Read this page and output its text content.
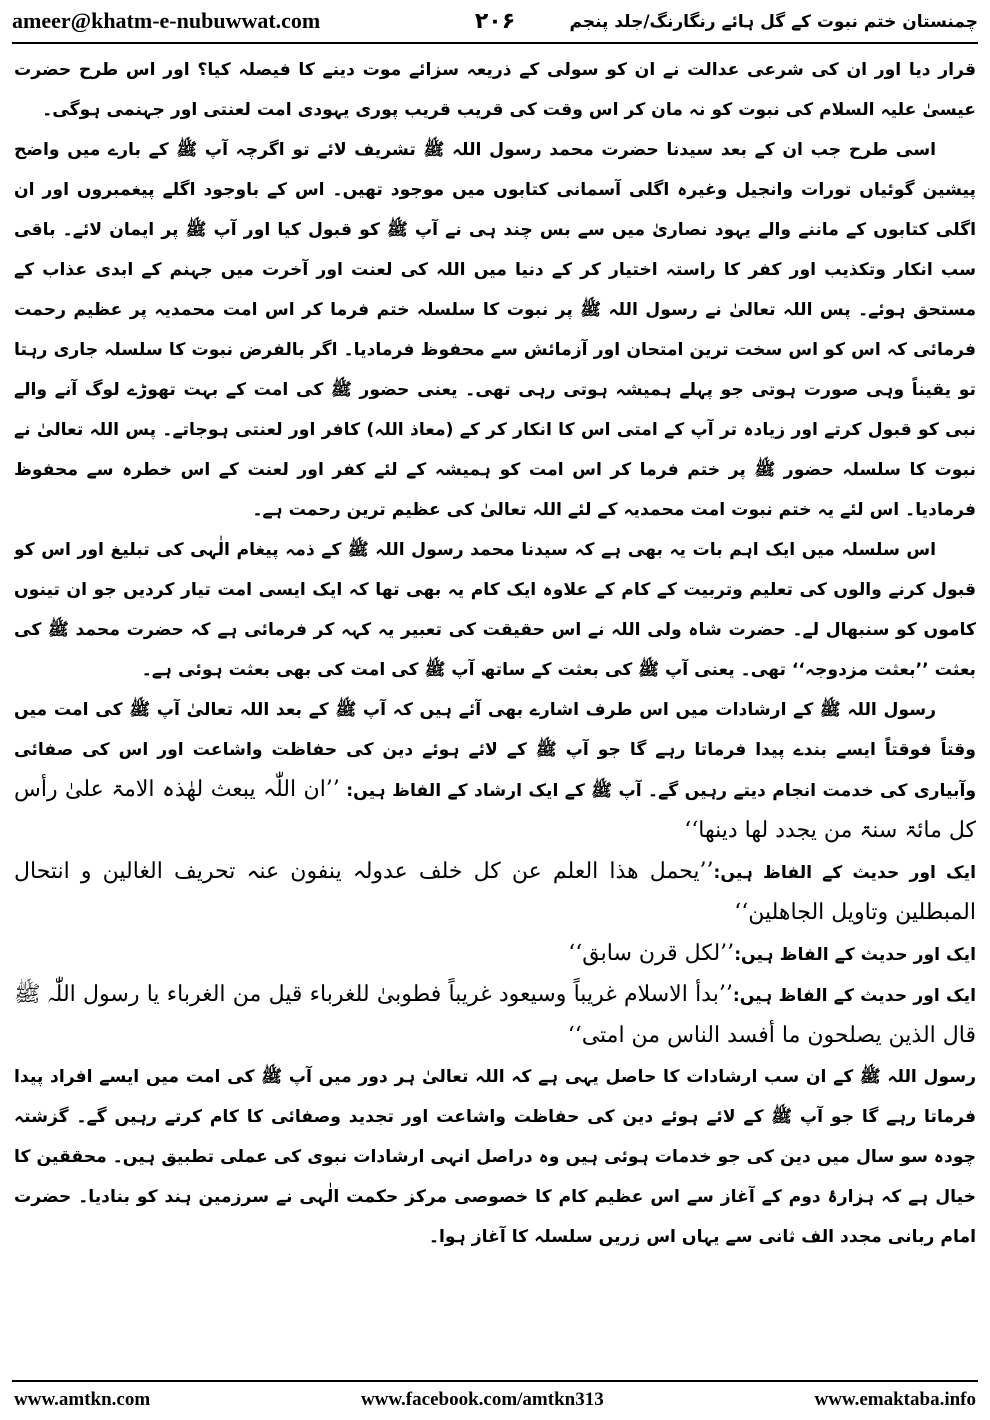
ameer@khatm-e-nubuwwat.com	۲۰۶	چمنستان ختم نبوت کے گل ہائے رنگارنگ/جلد پنجم

قرار دیا اور ان کی شرعی عدالت نے ان کو سولی کے ذریعہ سزائے موت دینے کا فیصلہ کیا؟ اور اس طرح حضرت عیسیٰ علیہ السلام کی نبوت کو نہ مان کر اس وقت کی قریب قریب پوری یہودی امت لعنتی اور جہنمی ہوگی۔

اسی طرح جب ان کے بعد سیدنا حضرت محمد رسول اللہ ﷺ تشریف لائے تو اگرچہ آپ ﷺ کے بارے میں واضح پیشین گوئیاں تورات وانجیل وغیرہ اگلی آسمانی کتابوں میں موجود تھیں۔ اس کے باوجود اگلے پیغمبروں اور ان اگلی کتابوں کے ماننے والے یہود نصاریٰ میں سے بس چند ہی نے آپ ﷺ کو قبول کیا اور آپ ﷺ پر ایمان لائے۔ باقی سب انکار وتکذیب اور کفر کا راستہ اختیار کر کے دنیا میں اللہ کی لعنت اور آخرت میں جہنم کے ابدی عذاب کے مستحق ہوئے۔ پس اللہ تعالیٰ نے رسول اللہ ﷺ پر نبوت کا سلسلہ ختم فرما کر اس امت محمدیہ پر عظیم رحمت فرمائی کہ اس کو اس سخت ترین امتحان اور آزمائش سے محفوظ فرمادیا۔ اگر بالفرض نبوت کا سلسلہ جاری رہتا تو یقیناً وہی صورت ہوتی جو پہلے ہمیشہ ہوتی رہی تھی۔ یعنی حضور ﷺ کی امت کے بہت تھوڑے لوگ آنے والے نبی کو قبول کرتے اور زیادہ تر آپ کے امتی اس کا انکار کر کے (معاذ اللہ) کافر اور لعنتی ہوجاتے۔ پس اللہ تعالیٰ نے نبوت کا سلسلہ حضور ﷺ پر ختم فرما کر اس امت کو ہمیشہ کے لئے کفر اور لعنت کے اس خطرہ سے محفوظ فرمادیا۔ اس لئے یہ ختم نبوت امت محمدیہ کے لئے اللہ تعالیٰ کی عظیم ترین رحمت ہے۔

اس سلسلہ میں ایک اہم بات یہ بھی ہے کہ سیدنا محمد رسول اللہ ﷺ کے ذمہ پیغام الٰہی کی تبلیغ اور اس کو قبول کرنے والوں کی تعلیم وتربیت کے کام کے علاوہ ایک کام یہ بھی تھا کہ ایک ایسی امت تیار کردیں جو ان تینوں کاموں کو سنبھال لے۔ حضرت شاہ ولی اللہ نے اس حقیقت کی تعبیر یہ کہہ کر فرمائی ہے کہ حضرت محمد ﷺ کی بعثت ’’بعثت مزدوجہ‘‘ تھی۔ یعنی آپ ﷺ کی بعثت کے ساتھ آپ ﷺ کی امت کی بھی بعثت ہوئی ہے۔

رسول اللہ ﷺ کے ارشادات میں اس طرف اشارے بھی آئے ہیں کہ آپ ﷺ کے بعد اللہ تعالیٰ آپ ﷺ کی امت میں وقتاً فوقتاً ایسے بندے پیدا فرماتا رہے گا جو آپ ﷺ کے لائے ہوئے دین کی حفاظت واشاعت اور اس کی صفائی وآبیاری کی خدمت انجام دیتے رہیں گے۔ آپ ﷺ کے ایک ارشاد کے الفاظ ہیں: ’’ان اللّٰہ یبعث لھٰذہ الامۃ علیٰ رأس کل مائۃ سنۃ من یجدد لھا دینھا‘‘

ایک اور حدیث کے الفاظ ہیں:’’یحمل ھذا العلم عن کل خلف عدولہ ینفون عنہ تحریف الغالین و انتحال المبطلین وتاویل الجاھلین‘‘

ایک اور حدیث کے الفاظ ہیں:’’لکل قرن سابق‘‘

ایک اور حدیث کے الفاظ ہیں:’’بدأ الاسلام غریباً وسیعود غریباً فطوبیٰ للغرباء قیل من الغرباء یا رسول اللّٰہ ﷺ قال الذین یصلحون ما أفسد الناس من امتی‘‘

رسول اللہ ﷺ کے ان سب ارشادات کا حاصل یہی ہے کہ اللہ تعالیٰ ہر دور میں آپ ﷺ کی امت میں ایسے افراد پیدا فرماتا رہے گا جو آپ ﷺ کے لائے ہوئے دین کی حفاظت واشاعت اور تجدید وصفائی کا کام کرتے رہیں گے۔ گزشتہ چودہ سو سال میں دین کی جو خدمات ہوئی ہیں وہ دراصل انہی ارشادات نبوی کی عملی تطبیق ہیں۔ محققین کا خیال ہے کہ ہزارۂ دوم کے آغاز سے اس عظیم کام کا خصوصی مرکز حکمت الٰہی نے سرزمین ہند کو بنادیا۔ حضرت امام ربانی مجدد الف ثانی سے یہاں اس زریں سلسلہ کا آغاز ہوا۔

www.amtkn.com	www.facebook.com/amtkn313	www.emaktaba.info
